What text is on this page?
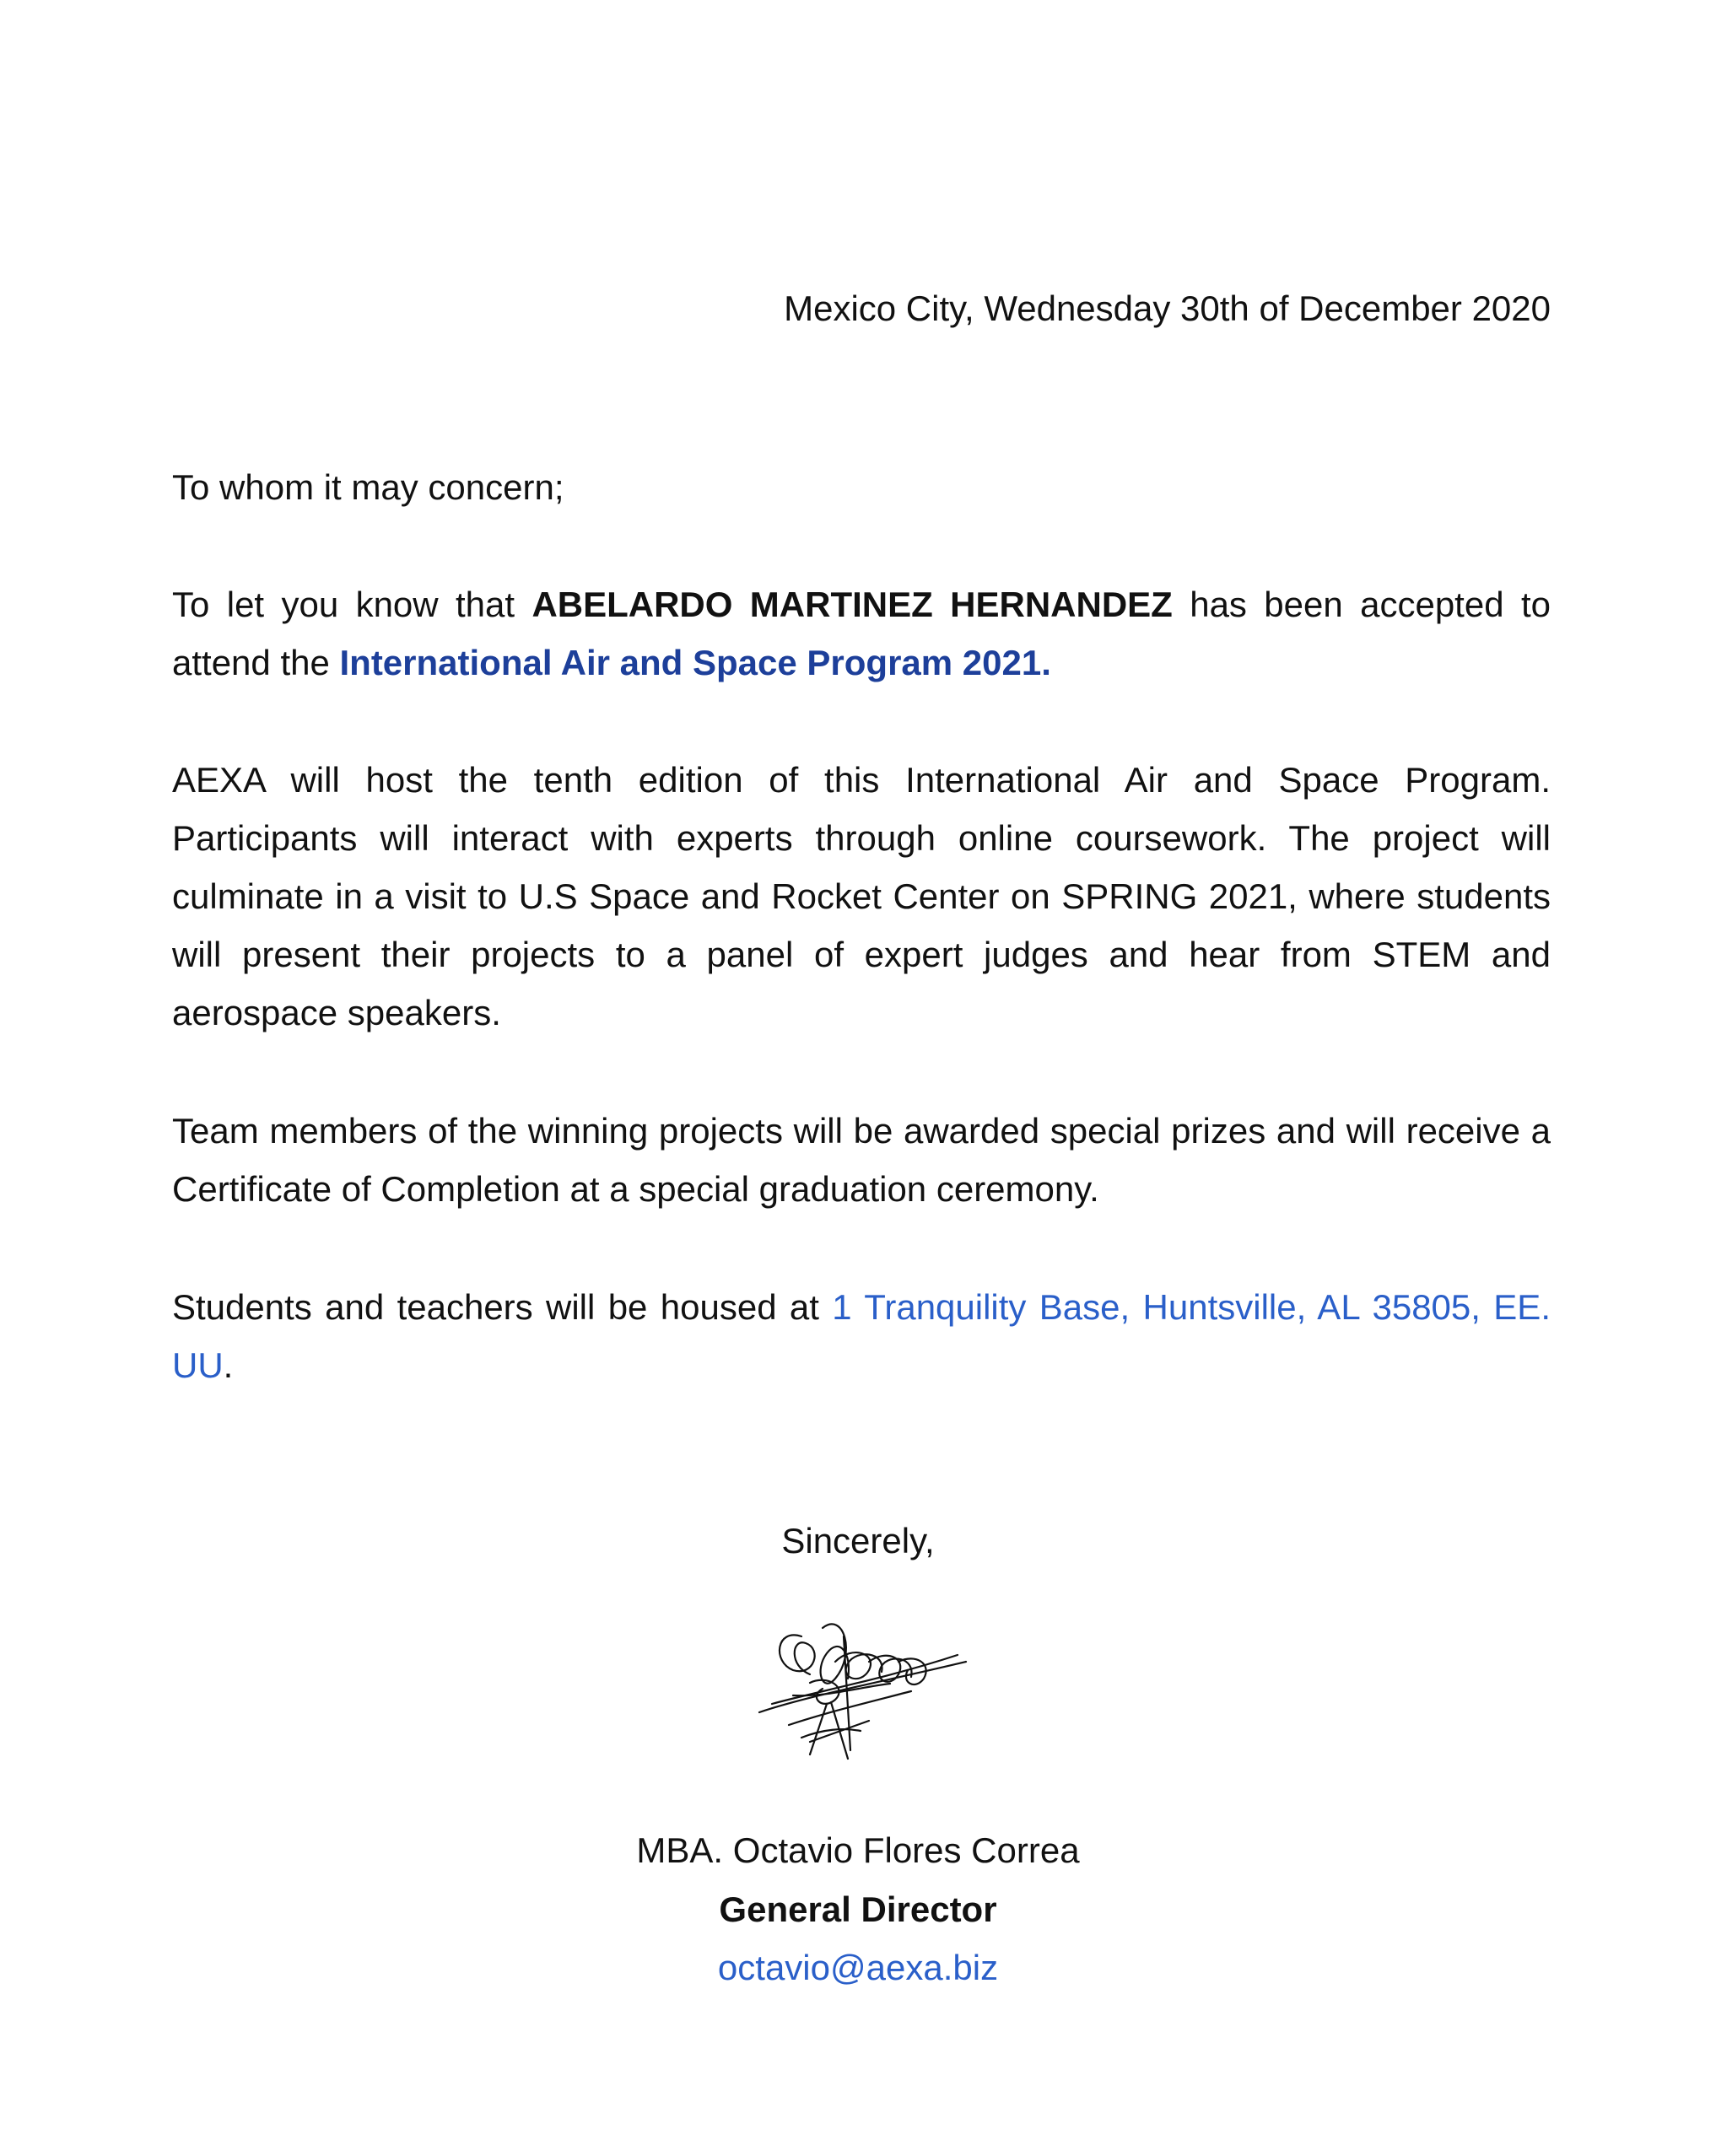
Mexico City, Wednesday 30th of December 2020
To whom it may concern;
To let you know that ABELARDO MARTINEZ HERNANDEZ has been accepted to attend the International Air and Space Program 2021.
AEXA will host the tenth edition of this International Air and Space Program. Participants will interact with experts through online coursework. The project will culminate in a visit to U.S Space and Rocket Center on SPRING 2021, where students will present their projects to a panel of expert judges and hear from STEM and aerospace speakers.
Team members of the winning projects will be awarded special prizes and will receive a Certificate of Completion at a special graduation ceremony.
Students and teachers will be housed at 1 Tranquility Base, Huntsville, AL 35805, EE. UU.
Sincerely,
MBA. Octavio Flores Correa
General Director
octavio@aexa.biz
